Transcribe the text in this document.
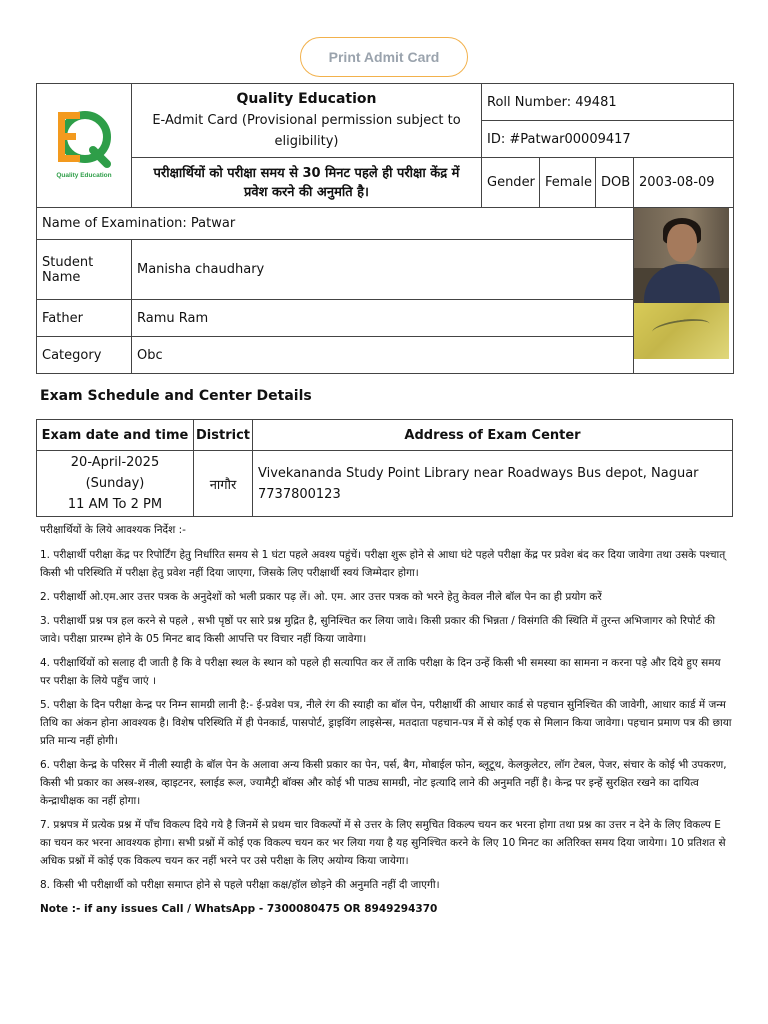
Print Admit Card
Quality Education	Quality Education
E-Admit Card (Provisional permission subject to eligibility)	Roll Number: 49481			
		ID: #Patwar00009417			
	परीक्षार्थियों को परीक्षा समय से 30 मिनट पहले ही परीक्षा केंद्र में प्रवेश करने की अनुमति है।	Gender	Female	DOB	2003-08-09
Name of Examination: Patwar					

Student Name	Manisha chaudhary				
Father	Ramu Ram				
Category	Obc				
Exam Schedule and Center Details
Exam date and time	District	Address of Exam Center

20-April-2025
(Sunday)
11 AM To 2 PM	नागौर	Vivekananda Study Point Library near Roadways Bus depot, Naguar 7737800123

परीक्षार्थियों के लिये आवश्यक निर्देश :-

1. परीक्षार्थी परीक्षा केंद्र पर रिपोर्टिंग हेतु निर्धारित समय से 1 घंटा पहले अवश्य पहुंचें। परीक्षा शुरू होने से आधा घंटे पहले परीक्षा केंद्र पर प्रवेश बंद कर दिया जावेगा तथा उसके पश्चात् किसी भी परिस्थिति में परीक्षा हेतु प्रवेश नहीं दिया जाएगा, जिसके लिए परीक्षार्थी स्वयं जिम्मेदार होगा।

2. परीक्षार्थी ओ.एम.आर उत्तर पत्रक के अनुदेशों को भली प्रकार पढ़ लें। ओ. एम. आर उत्तर पत्रक को भरने हेतु केवल नीले बॉल पेन का ही प्रयोग करें

3. परीक्षार्थी प्रश्न पत्र हल करने से पहले , सभी पृष्ठों पर सारे प्रश्न मुद्रित है, सुनिश्चित कर लिया जावे। किसी प्रकार की भिन्नता / विसंगति की स्थिति में तुरन्त अभिजागर को रिपोर्ट की जावे। परीक्षा प्रारम्भ होने के 05 मिनट बाद किसी आपत्ति पर विचार नहीं किया जावेगा।

4. परीक्षार्थियों को सलाह दी जाती है कि वे परीक्षा स्थल के स्थान को पहले ही सत्यापित कर लें ताकि परीक्षा के दिन उन्हें किसी भी समस्या का सामना न करना पड़े और दिये हुए समय पर परीक्षा के लिये पहुँच जाएं ।

5. परीक्षा के दिन परीक्षा केन्द्र पर निम्न सामग्री लानी है:- ई-प्रवेश पत्र, नीले रंग की स्याही का बॉल पेन, परीक्षार्थी की आधार कार्ड से पहचान सुनिश्चित की जावेगी, आधार कार्ड में जन्म तिथि का अंकन होना आवश्यक है। विशेष परिस्थिति में ही पेनकार्ड, पासपोर्ट, ड्राइविंग लाइसेन्स, मतदाता पहचान-पत्र में से कोई एक से मिलान किया जावेगा। पहचान प्रमाण पत्र की छाया प्रति मान्य नहीं होगी।

6. परीक्षा केन्द्र के परिसर में नीली स्याही के बॉल पेन के अलावा अन्य किसी प्रकार का पेन, पर्स, बैग, मोबाईल फोन, ब्लूटूथ, केलकुलेटर, लॉग टेबल, पेजर, संचार के कोई भी उपकरण, किसी भी प्रकार का अस्त्र-शस्त्र, व्हाइटनर, स्लाईड रूल, ज्यामैट्री बॉक्स और कोई भी पाठ्य सामग्री, नोट इत्यादि लाने की अनुमति नहीं है। केन्द्र पर इन्हें सुरक्षित रखने का दायित्व केन्द्राधीक्षक का नहीं होगा।

7. प्रश्नपत्र में प्रत्येक प्रश्न में पाँच विकल्प दिये गये है जिनमें से प्रथम चार विकल्पों में से उत्तर के लिए समुचित विकल्प चयन कर भरना होगा तथा प्रश्न का उत्तर न देने के लिए विकल्प E का चयन कर भरना आवश्यक होगा। सभी प्रश्नों में कोई एक विकल्प चयन कर भर लिया गया है यह सुनिश्चित करने के लिए 10 मिनट का अतिरिक्त समय दिया जायेगा। 10 प्रतिशत से अधिक प्रश्नों में कोई एक विकल्प चयन कर नहीं भरने पर उसे परीक्षा के लिए अयोग्य किया जायेगा।

8. किसी भी परीक्षार्थी को परीक्षा समाप्त होने से पहले परीक्षा कक्ष/हॉल छोड़ने की अनुमति नहीं दी जाएगी।

Note :- if any issues Call / WhatsApp - 7300080475 OR 8949294370
